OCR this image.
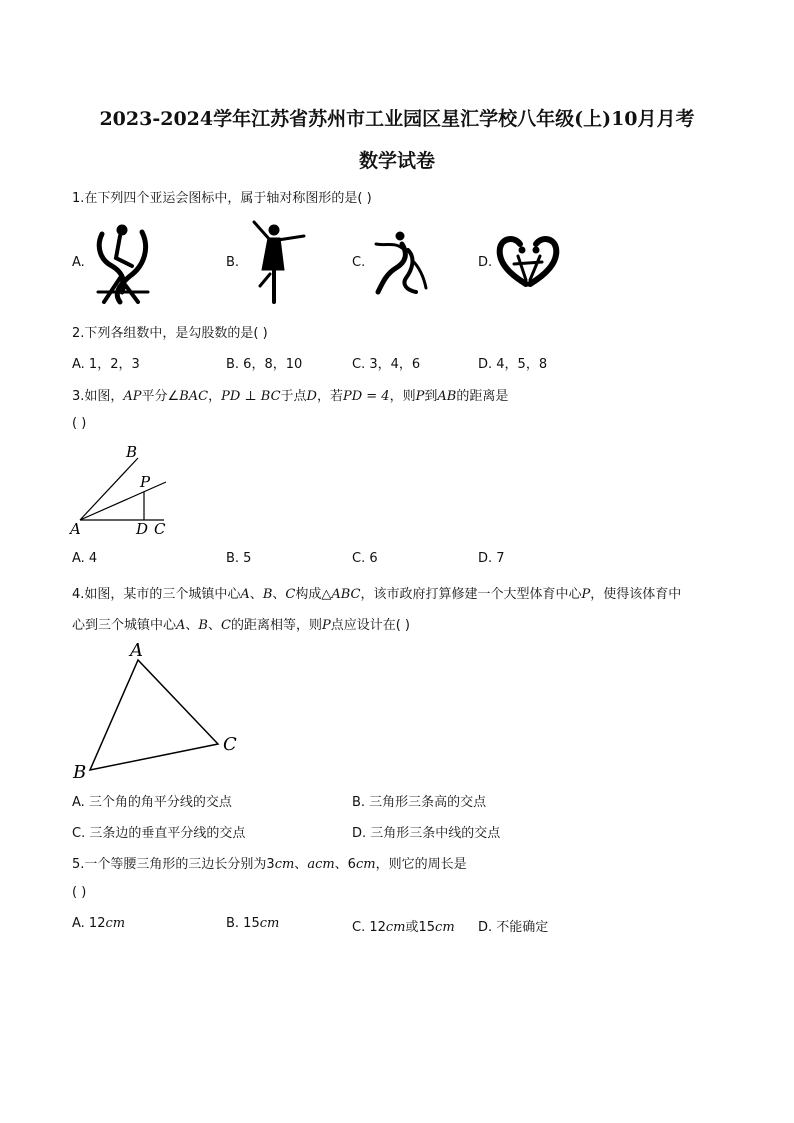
2023-2024学年江苏省苏州市工业园区星汇学校八年级(上)10月月考
数学试卷
1.在下列四个亚运会图标中，属于轴对称图形的是( )
A.	B.	C.	D.
2.下列各组数中，是勾股数的是( )
A. 1，2，3	B. 6，8，10	C. 3，4，6	D. 4，5，8
3.如图，AP平分∠BAC，PD ⊥ BC于点D，若PD = 4，则P到AB的距离是
( )
B
P
A	D C
A. 4	B. 5	C. 6	D. 7
4.如图，某市的三个城镇中心A、B、C构成△ABC，该市政府打算修建一个大型体育中心P，使得该体育中
心到三个城镇中心A、B、C的距离相等，则P点应设计在( )
A
B
C
A. 三个角的角平分线的交点	B. 三角形三条高的交点
C. 三条边的垂直平分线的交点	D. 三角形三条中线的交点
5.一个等腰三角形的三边长分别为3cm、acm、6cm，则它的周长是
( )
A. 12cm	B. 15cm	C. 12cm或15cm D. 不能确定
